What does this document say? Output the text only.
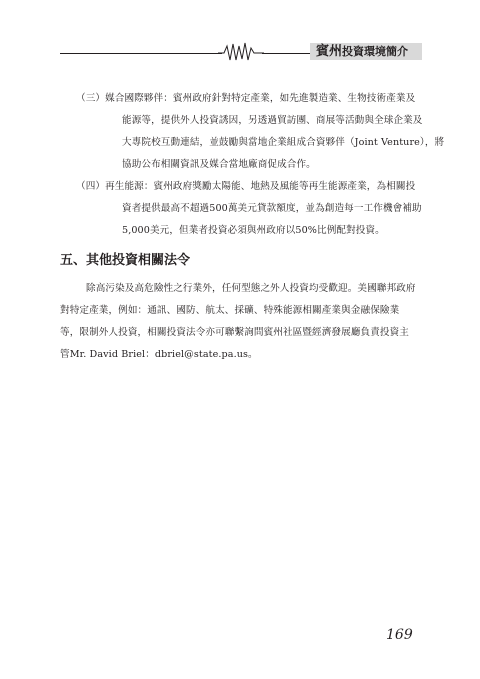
賓州投資環境簡介
（三）媒合國際夥伴：賓州政府針對特定產業，如先進製造業、生物技術產業及
能源等，提供外人投資誘因，另透過貿訪團、商展等活動與全球企業及
大專院校互動連結，並鼓勵與當地企業組成合資夥伴（Joint Venture），將
協助公布相關資訊及媒合當地廠商促成合作。
（四）再生能源：賓州政府獎勵太陽能、地熱及風能等再生能源產業，為相關投
資者提供最高不超過500萬美元貸款額度，並為創造每一工作機會補助
5,000美元，但業者投資必須與州政府以50%比例配對投資。
五、其他投資相關法令
除高污染及高危險性之行業外，任何型態之外人投資均受歡迎。美國聯邦政府
對特定產業，例如：通訊、國防、航太、採礦、特殊能源相關產業與金融保險業
等，限制外人投資，相關投資法令亦可聯繫詢問賓州社區暨經濟發展廳負責投資主
管Mr. David Briel：dbriel@state.pa.us。
169
